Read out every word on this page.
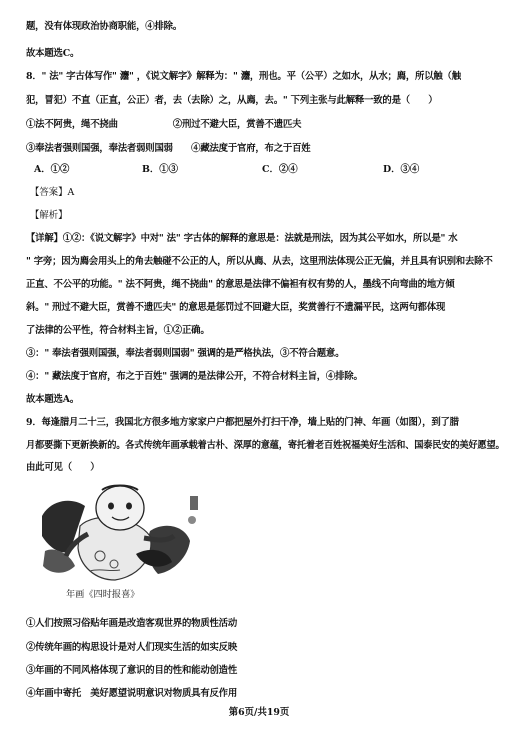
题，没有体现政治协商职能，④排除。
故本题选C。
8．" 法" 字古体写作" 灋" ，《说文解字》解释为：" 灋，刑也。平（公平）之如水，从水；廌，所以触（触
犯，冒犯）不直（正直，公正）者，去（去除）之，从廌，去。" 下列主张与此解释一致的是（　　）
①法不阿贵，绳不挠曲　　　　　　②刑过不避大臣，赏善不遗匹夫
③奉法者强则国强，奉法者弱则国弱　　④藏法度于官府，布之于百姓
A．①②	B．①③	C．②④	D．③④
【答案】A
【解析】
【详解】①②：《说文解字》中对" 法" 字古体的解释的意思是：法就是刑法，因为其公平如水，所以是" 水
" 字旁；因为廌会用头上的角去触碰不公正的人，所以从廌、从去，这里刑法体现公正无偏，并且具有识别和去除不
正直、不公平的功能。" 法不阿贵，绳不挠曲" 的意思是法律不偏袒有权有势的人，墨线不向弯曲的地方倾
斜。" 刑过不避大臣，赏善不遗匹夫" 的意思是惩罚过不回避大臣，奖赏善行不遗漏平民，这两句都体现
了法律的公平性，符合材料主旨，①②正确。
③：" 奉法者强则国强，奉法者弱则国弱" 强调的是严格执法，③不符合题意。
④：" 藏法度于官府，布之于百姓" 强调的是法律公开，不符合材料主旨，④排除。
故本题选A。
9．每逢腊月二十三，我国北方很多地方家家户户都把屋外打扫干净，墙上贴的门神、年画（如图），到了腊
月都要撕下更新换新的。各式传统年画承载着古朴、深厚的意蕴，寄托着老百姓祝福美好生活和、国泰民安的美好愿望。
由此可见（　　）
年画《四时报喜》
①人们按照习俗贴年画是改造客观世界的物质性活动
②传统年画的构思设计是对人们现实生活的如实反映
③年画的不同风格体现了意识的目的性和能动创造性
④年画中寄托　美好愿望说明意识对物质具有反作用
第6页/共19页
